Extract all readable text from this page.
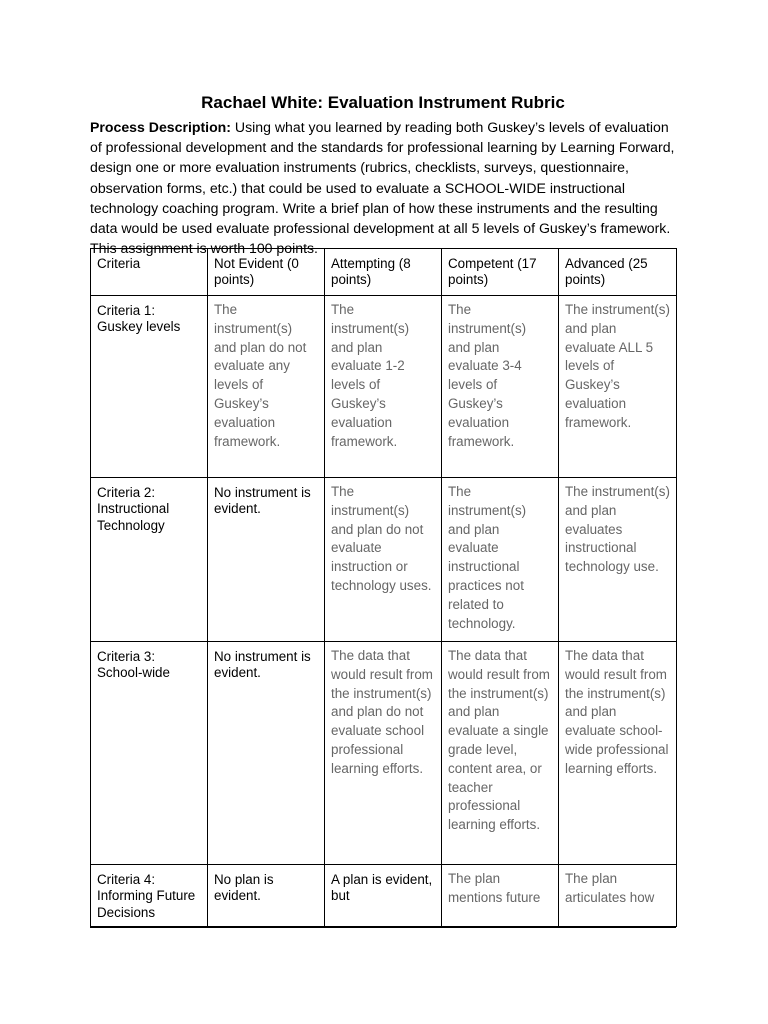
Rachael White: Evaluation Instrument Rubric
Process Description: Using what you learned by reading both Guskey’s levels of evaluation of professional development and the standards for professional learning by Learning Forward, design one or more evaluation instruments (rubrics, checklists, surveys, questionnaire, observation forms, etc.) that could be used to evaluate a SCHOOL-WIDE instructional technology coaching program. Write a brief plan of how these instruments and the resulting data would be used evaluate professional development at all 5 levels of Guskey’s framework. This assignment is worth 100 points.
Criteria	Not Evident (0 points)	Attempting (8 points)	Competent (17 points)	Advanced (25 points)
Criteria 1: Guskey levels	The instrument(s) and plan do not evaluate any levels of Guskey’s evaluation framework.	The instrument(s) and plan evaluate 1-2 levels of Guskey’s evaluation framework.	The instrument(s) and plan evaluate 3-4 levels of Guskey’s evaluation framework.	The instrument(s) and plan evaluate ALL 5 levels of Guskey’s evaluation framework.
Criteria 2: Instructional Technology	No instrument is evident.	The instrument(s) and plan do not evaluate instruction or technology uses.	The instrument(s) and plan evaluate instructional practices not related to technology.	The instrument(s) and plan evaluates instructional technology use.
Criteria 3: School-wide	No instrument is evident.	The data that would result from the instrument(s) and plan do not evaluate school professional learning efforts.	The data that would result from the instrument(s) and plan evaluate a single grade level, content area, or teacher professional learning efforts.	The data that would result from the instrument(s) and plan evaluate school-wide professional learning efforts.
Criteria 4: Informing Future Decisions	No plan is evident.	A plan is evident, but	The plan mentions future	The plan articulates how
